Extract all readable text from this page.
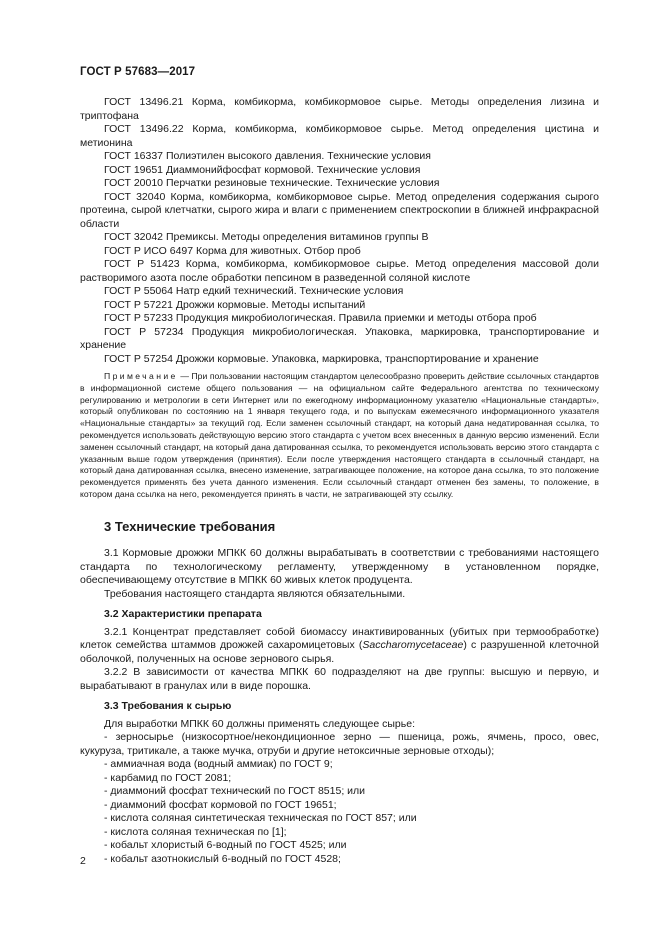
ГОСТ Р 57683—2017

ГОСТ 13496.21 Корма, комбикорма, комбикормовое сырье. Методы определения лизина и триптофана

ГОСТ 13496.22 Корма, комбикорма, комбикормовое сырье. Метод определения цистина и метионина

ГОСТ 16337 Полиэтилен высокого давления. Технические условия

ГОСТ 19651 Диаммонийфосфат кормовой. Технические условия

ГОСТ 20010 Перчатки резиновые технические. Технические условия

ГОСТ 32040 Корма, комбикорма, комбикормовое сырье. Метод определения содержания сырого протеина, сырой клетчатки, сырого жира и влаги с применением спектроскопии в ближней инфракрасной области

ГОСТ 32042 Премиксы. Методы определения витаминов группы В

ГОСТ Р ИСО 6497 Корма для животных. Отбор проб

ГОСТ Р 51423 Корма, комбикорма, комбикормовое сырье. Метод определения массовой доли растворимого азота после обработки пепсином в разведенной соляной кислоте

ГОСТ Р 55064 Натр едкий технический. Технические условия

ГОСТ Р 57221 Дрожжи кормовые. Методы испытаний

ГОСТ Р 57233 Продукция микробиологическая. Правила приемки и методы отбора проб

ГОСТ Р 57234 Продукция микробиологическая. Упаковка, маркировка, транспортирование и хранение

ГОСТ Р 57254 Дрожжи кормовые. Упаковка, маркировка, транспортирование и хранение

Примечание — При пользовании настоящим стандартом целесообразно проверить действие ссылочных стандартов в информационной системе общего пользования — на официальном сайте Федерального агентства по техническому регулированию и метрологии в сети Интернет или по ежегодному информационному указателю «Национальные стандарты», который опубликован по состоянию на 1 января текущего года, и по выпускам ежемесячного информационного указателя «Национальные стандарты» за текущий год. Если заменен ссылочный стандарт, на который дана недатированная ссылка, то рекомендуется использовать действующую версию этого стандарта с учетом всех внесенных в данную версию изменений. Если заменен ссылочный стандарт, на который дана датированная ссылка, то рекомендуется использовать версию этого стандарта с указанным выше годом утверждения (принятия). Если после утверждения настоящего стандарта в ссылочный стандарт, на который дана датированная ссылка, внесено изменение, затрагивающее положение, на которое дана ссылка, то это положение рекомендуется применять без учета данного изменения. Если ссылочный стандарт отменен без замены, то положение, в котором дана ссылка на него, рекомендуется принять в части, не затрагивающей эту ссылку.

3 Технические требования

3.1 Кормовые дрожжи МПКК 60 должны вырабатывать в соответствии с требованиями настоящего стандарта по технологическому регламенту, утвержденному в установленном порядке, обеспечивающему отсутствие в МПКК 60 живых клеток продуцента.

Требования настоящего стандарта являются обязательными.

3.2 Характеристики препарата

3.2.1 Концентрат представляет собой биомассу инактивированных (убитых при термообработке) клеток семейства штаммов дрожжей сахаромицетовых (Saccharomycetaceae) с разрушенной клеточной оболочкой, полученных на основе зернового сырья.

3.2.2 В зависимости от качества МПКК 60 подразделяют на две группы: высшую и первую, и вырабатывают в гранулах или в виде порошка.

3.3 Требования к сырью

Для выработки МПКК 60 должны применять следующее сырье:

- зерносырье (низкосортное/некондиционное зерно — пшеница, рожь, ячмень, просо, овес, кукуруза, тритикале, а также мучка, отруби и другие нетоксичные зерновые отходы);

- аммиачная вода (водный аммиак) по ГОСТ 9;

- карбамид по ГОСТ 2081;

- диаммоний фосфат технический по ГОСТ 8515; или

- диаммоний фосфат кормовой по ГОСТ 19651;

- кислота соляная синтетическая техническая по ГОСТ 857; или

- кислота соляная техническая по [1];

- кобальт хлористый 6-водный по ГОСТ 4525; или

- кобальт азотнокислый 6-водный по ГОСТ 4528;

2
